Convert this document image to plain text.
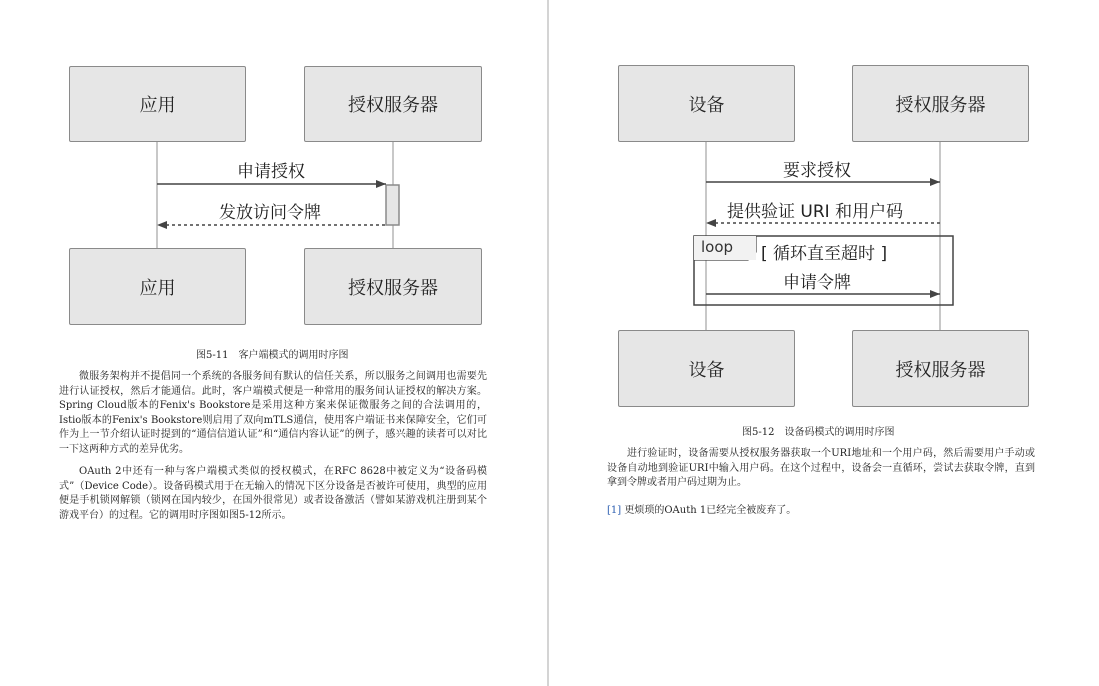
应用	授权服务器
应用	授权服务器
申请授权
发放访问令牌
图5-11　客户端模式的调用时序图

微服务架构并不提倡同一个系统的各服务间有默认的信任关系，所以服务之间调用也需要先进行认证授权，然后才能通信。此时，客户端模式便是一种常用的服务间认证授权的解决方案。Spring Cloud版本的Fenix's Bookstore是采用这种方案来保证微服务之间的合法调用的，Istio版本的Fenix's Bookstore则启用了双向mTLS通信，使用客户端证书来保障安全，它们可作为上一节介绍认证时提到的“通信信道认证”和“通信内容认证”的例子，感兴趣的读者可以对比一下这两种方式的差异优劣。

OAuth 2中还有一种与客户端模式类似的授权模式，在RFC 8628中被定义为“设备码模式”（Device Code）。设备码模式用于在无输入的情况下区分设备是否被许可使用，典型的应用便是手机锁网解锁（锁网在国内较少，在国外很常见）或者设备激活（譬如某游戏机注册到某个游戏平台）的过程。它的调用时序图如图5-12所示。

loop
设备	授权服务器
设备	授权服务器
要求授权
提供验证 URI 和用户码
[ 循环直至超时 ]
申请令牌
图5-12　设备码模式的调用时序图

进行验证时，设备需要从授权服务器获取一个URI地址和一个用户码，然后需要用户手动或设备自动地到验证URI中输入用户码。在这个过程中，设备会一直循环，尝试去获取令牌，直到拿到令牌或者用户码过期为止。

[1] 更烦琐的OAuth 1已经完全被废弃了。
